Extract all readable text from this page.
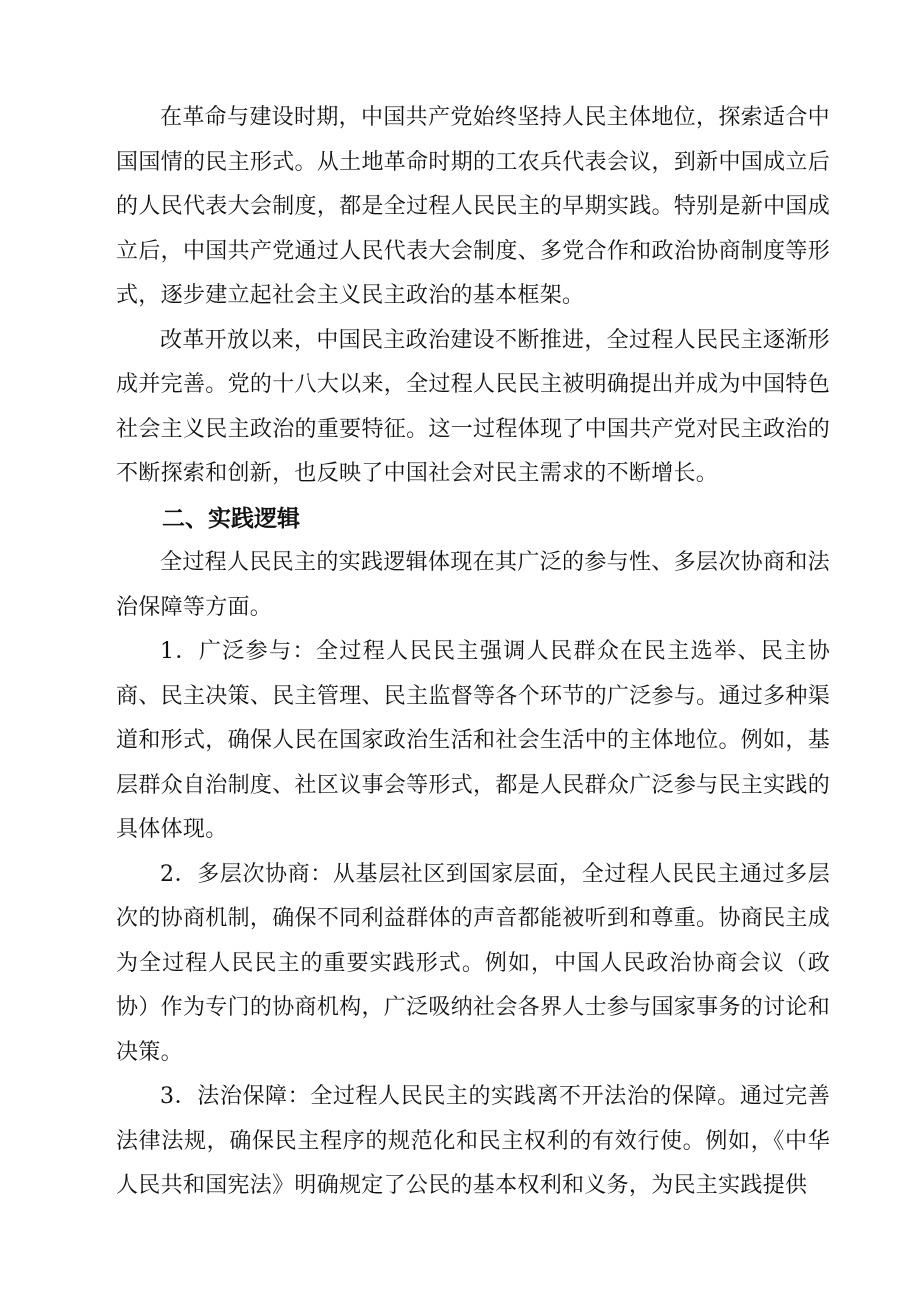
在革命与建设时期，中国共产党始终坚持人民主体地位，探索适合中国国情的民主形式。从土地革命时期的工农兵代表会议，到新中国成立后的人民代表大会制度，都是全过程人民民主的早期实践。特别是新中国成立后，中国共产党通过人民代表大会制度、多党合作和政治协商制度等形式，逐步建立起社会主义民主政治的基本框架。

改革开放以来，中国民主政治建设不断推进，全过程人民民主逐渐形成并完善。党的十八大以来，全过程人民民主被明确提出并成为中国特色社会主义民主政治的重要特征。这一过程体现了中国共产党对民主政治的不断探索和创新，也反映了中国社会对民主需求的不断增长。

二、实践逻辑

全过程人民民主的实践逻辑体现在其广泛的参与性、多层次协商和法治保障等方面。

1．广泛参与：全过程人民民主强调人民群众在民主选举、民主协商、民主决策、民主管理、民主监督等各个环节的广泛参与。通过多种渠道和形式，确保人民在国家政治生活和社会生活中的主体地位。例如，基层群众自治制度、社区议事会等形式，都是人民群众广泛参与民主实践的具体体现。

2．多层次协商：从基层社区到国家层面，全过程人民民主通过多层次的协商机制，确保不同利益群体的声音都能被听到和尊重。协商民主成为全过程人民民主的重要实践形式。例如，中国人民政治协商会议（政协）作为专门的协商机构，广泛吸纳社会各界人士参与国家事务的讨论和决策。

3．法治保障：全过程人民民主的实践离不开法治的保障。通过完善法律法规，确保民主程序的规范化和民主权利的有效行使。例如，《中华人民共和国宪法》明确规定了公民的基本权利和义务，为民主实践提供
